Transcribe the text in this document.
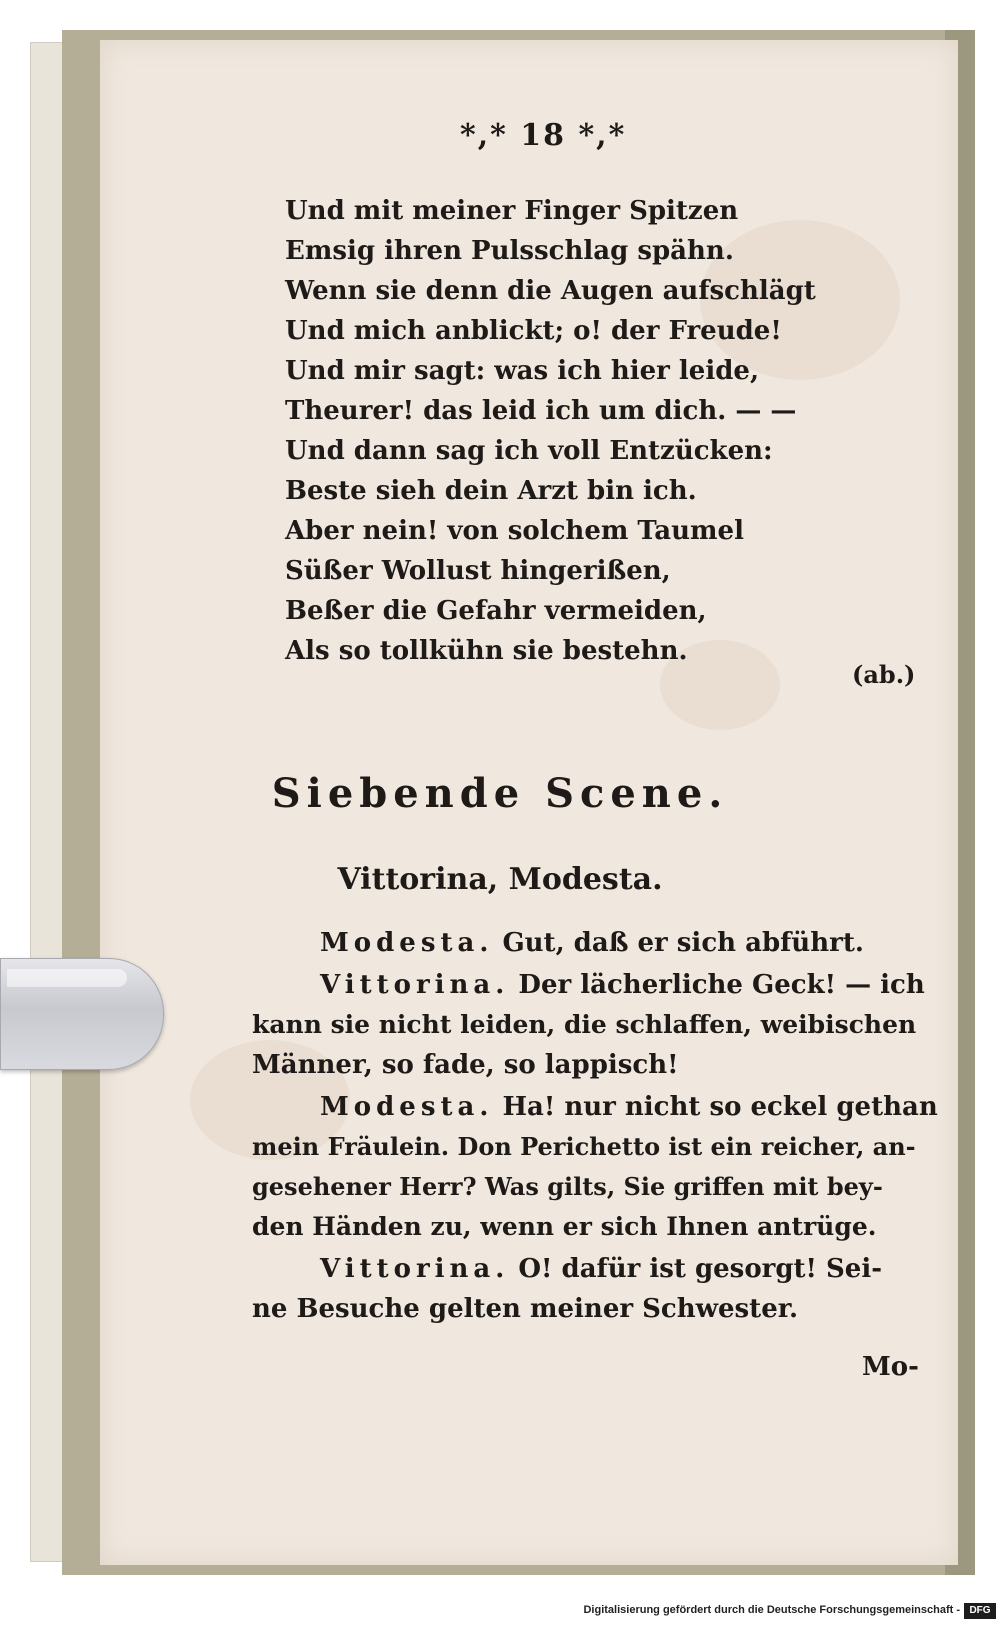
*,* 18 *,*
Und mit meiner Finger Spitzen
Emsig ihren Pulsschlag spähn.
Wenn sie denn die Augen aufschlägt
Und mich anblickt; o! der Freude!
Und mir sagt: was ich hier leide,
Theurer! das leid ich um dich. — —
Und dann sag ich voll Entzücken:
Beste sieh dein Arzt bin ich.
Aber nein! von solchem Taumel
Süßer Wollust hingerißen,
Beßer die Gefahr vermeiden,
Als so tollkühn sie bestehn.
(ab.)
Siebende Scene.
Vittorina, Modesta.
Modesta. Gut, daß er sich abführt.
Vittorina. Der lächerliche Geck! — ich
kann sie nicht leiden, die schlaffen, weibischen
Männer, so fade, so lappisch!
Modesta. Ha! nur nicht so eckel gethan
mein Fräulein. Don Perichetto ist ein reicher, an-
gesehener Herr? Was gilts, Sie griffen mit bey-
den Händen zu, wenn er sich Ihnen antrüge.
Vittorina. O! dafür ist gesorgt! Sei-
ne Besuche gelten meiner Schwester.
Mo-
Digitalisierung gefördert durch die Deutsche Forschungsgemeinschaft - DFG
